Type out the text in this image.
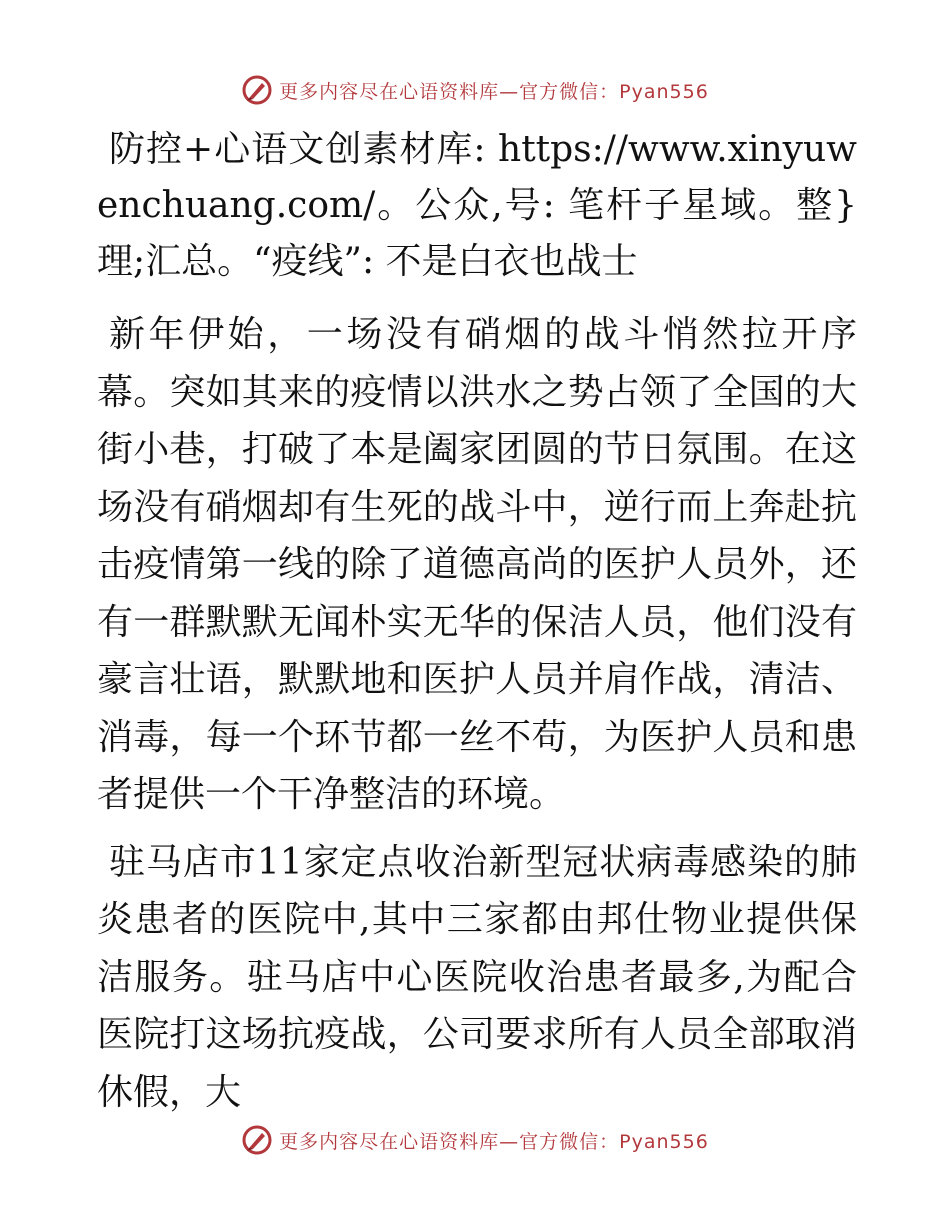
更多内容尽在心语资料库—官方微信：Pyan556

防控+心语文创素材库: https://www.xinyuwenchuang.com/。公众,号: 笔杆子星域。整}理;汇总。“疫线”: 不是白衣也战士

新年伊始，一场没有硝烟的战斗悄然拉开序幕。突如其来的疫情以洪水之势占领了全国的大街小巷，打破了本是阖家团圆的节日氛围。在这场没有硝烟却有生死的战斗中，逆行而上奔赴抗击疫情第一线的除了道德高尚的医护人员外，还有一群默默无闻朴实无华的保洁人员，他们没有豪言壮语，默默地和医护人员并肩作战，清洁、消毒，每一个环节都一丝不苟，为医护人员和患者提供一个干净整洁的环境。

驻马店市11家定点收治新型冠状病毒感染的肺炎患者的医院中,其中三家都由邦仕物业提供保洁服务。驻马店中心医院收治患者最多,为配合医院打这场抗疫战，公司要求所有人员全部取消休假，大

更多内容尽在心语资料库—官方微信：Pyan556
